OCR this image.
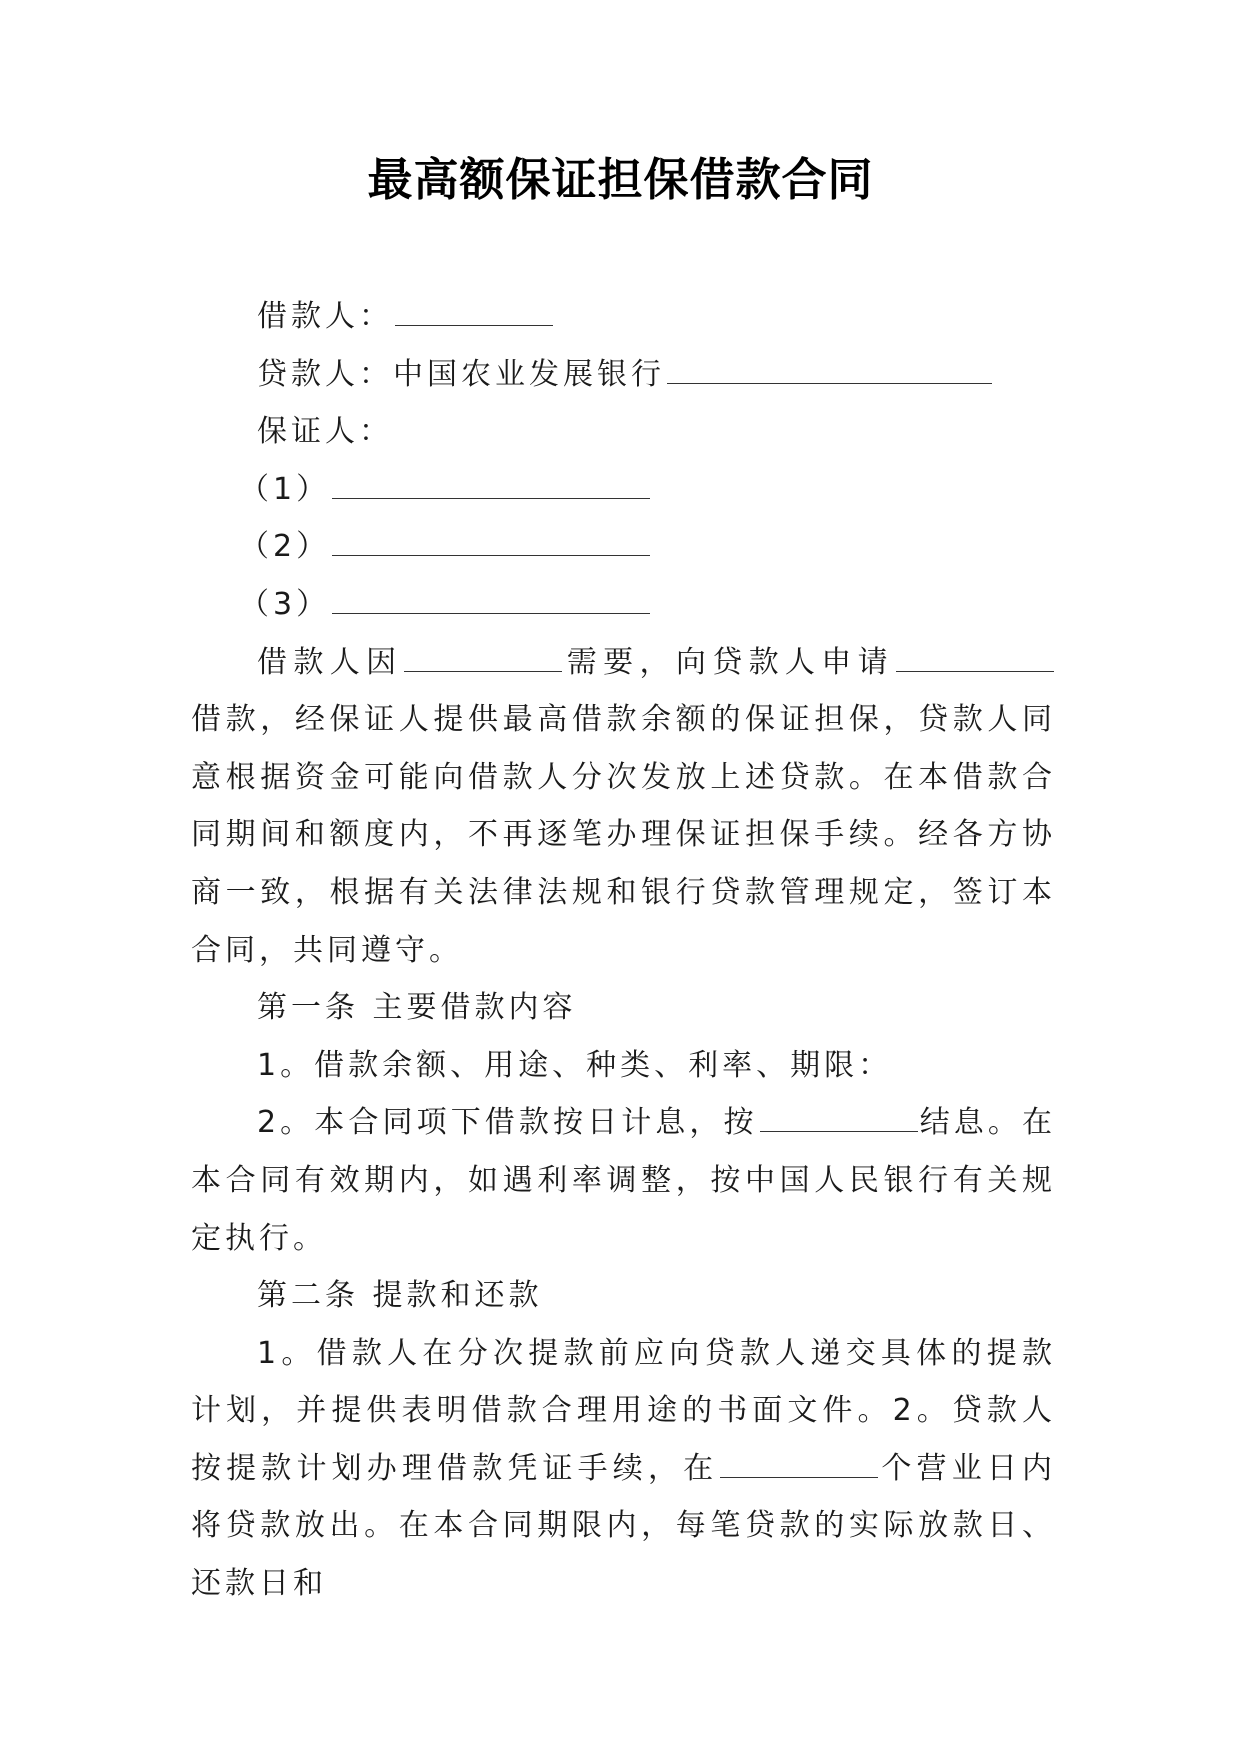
最高额保证担保借款合同

借款人：

贷款人：中国农业发展银行

保证人：

（1）

（2）

（3）

借款人因	需要，向贷款人申请借款，经保证人提供最高借款余额的保证担保，贷款人同意根据资金可能向借款人分次发放上述贷款。在本借款合同期间和额度内，不再逐笔办理保证担保手续。经各方协商一致，根据有关法律法规和银行贷款管理规定，签订本合同，共同遵守。

第一条 主要借款内容

1。借款余额、用途、种类、利率、期限：

2。本合同项下借款按日计息，按	结息。在本合同有效期内，如遇利率调整，按中国人民银行有关规定执行。

第二条 提款和还款

1。借款人在分次提款前应向贷款人递交具体的提款计划，并提供表明借款合理用途的书面文件。2。贷款人按提款计划办理借款凭证手续，在	个营业日内将贷款放出。在本合同期限内，每笔贷款的实际放款日、还款日和
